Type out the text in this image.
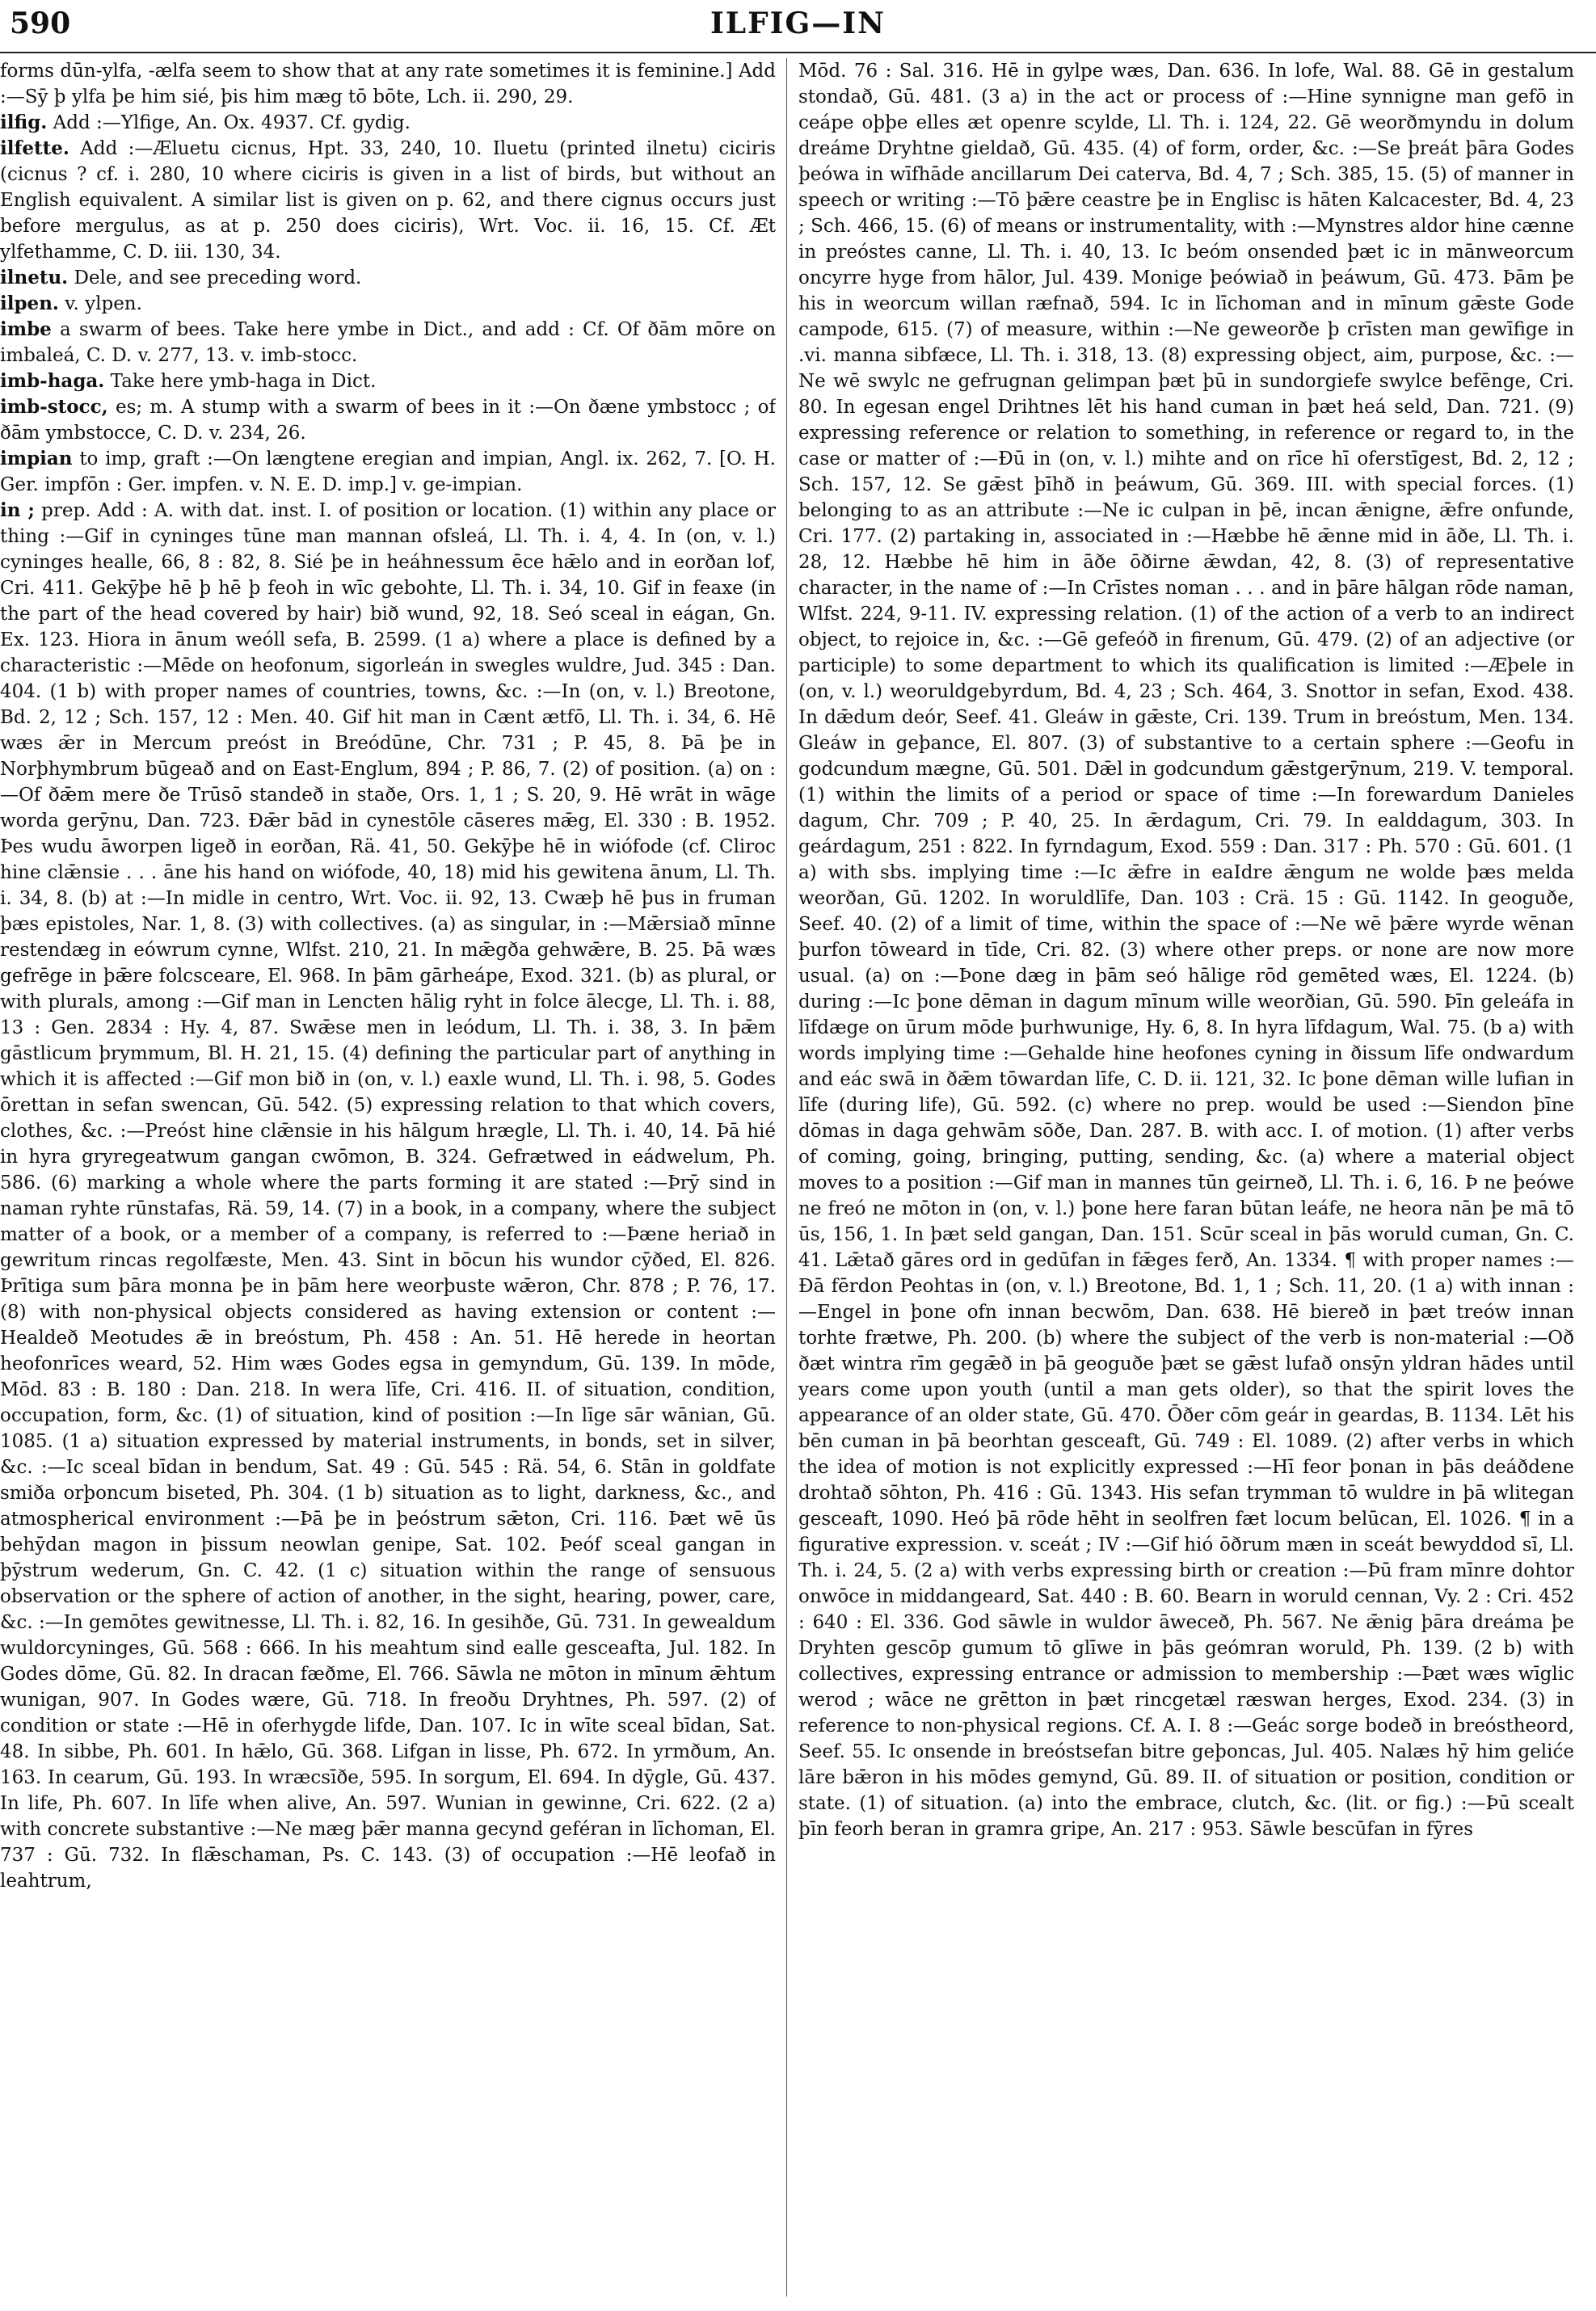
590	ILFIG—IN

forms dūn-ylfa, -ælfa seem to show that at any rate sometimes it is feminine.] Add :—Sȳ þ ylfa þe him sié, þis him mæg tō bōte, Lch. ii. 290, 29.

ilfig. Add :—Ylfige, An. Ox. 4937. Cf. gydig.

ilfette. Add :—Æluetu cicnus, Hpt. 33, 240, 10. Iluetu (printed ilnetu) ciciris (cicnus ? cf. i. 280, 10 where ciciris is given in a list of birds, but without an English equivalent. A similar list is given on p. 62, and there cignus occurs just before mergulus, as at p. 250 does ciciris), Wrt. Voc. ii. 16, 15. Cf. Æt ylfethamme, C. D. iii. 130, 34.

ilnetu. Dele, and see preceding word.

ilpen. v. ylpen.

imbe a swarm of bees. Take here ymbe in Dict., and add : Cf. Of ðām mōre on imbaleá, C. D. v. 277, 13. v. imb-stocc.

imb-haga. Take here ymb-haga in Dict.

imb-stocc, es; m. A stump with a swarm of bees in it :—On ðæne ymbstocc ; of ðām ymbstocce, C. D. v. 234, 26.

impian to imp, graft :—On længtene eregian and impian, Angl. ix. 262, 7. [O. H. Ger. impfōn : Ger. impfen. v. N. E. D. imp.] v. ge-impian.

in ; prep. Add : A. with dat. inst. I. of position or location. (1) within any place or thing :—Gif in cyninges tūne man mannan ofsleá, Ll. Th. i. 4, 4. In (on, v. l.) cyninges healle, 66, 8 : 82, 8. Sié þe in heáhnessum ēce hǣlo and in eorðan lof, Cri. 411. Gekȳþe hē þ hē þ feoh in wīc gebohte, Ll. Th. i. 34, 10. Gif in feaxe (in the part of the head covered by hair) bið wund, 92, 18. Seó sceal in eágan, Gn. Ex. 123. Hiora in ānum weóll sefa, B. 2599. (1 a) where a place is defined by a characteristic :—Mēde on heofonum, sigorleán in swegles wuldre, Jud. 345 : Dan. 404. (1 b) with proper names of countries, towns, &c. :—In (on, v. l.) Breotone, Bd. 2, 12 ; Sch. 157, 12 : Men. 40. Gif hit man in Cænt ætfō, Ll. Th. i. 34, 6. Hē wæs ǣr in Mercum preóst in Breódūne, Chr. 731 ; P. 45, 8. Þā þe in Norþhymbrum būgeað and on East-Englum, 894 ; P. 86, 7. (2) of position. (a) on :—Of ðǣm mere ðe Trūsō standeð in staðe, Ors. 1, 1 ; S. 20, 9. Hē wrāt in wāge worda gerȳnu, Dan. 723. Ðǣr bād in cynestōle cāseres mǣg, El. 330 : B. 1952. Þes wudu āworpen ligeð in eorðan, Rä. 41, 50. Gekȳþe hē in wiófode (cf. Cliroc hine clǣnsie . . . āne his hand on wiófode, 40, 18) mid his gewitena ānum, Ll. Th. i. 34, 8. (b) at :—In midle in centro, Wrt. Voc. ii. 92, 13. Cwæþ hē þus in fruman þæs epistoles, Nar. 1, 8. (3) with collectives. (a) as singular, in :—Mǣrsiað mīnne restendæg in eówrum cynne, Wlfst. 210, 21. In mǣgða gehwǣre, B. 25. Þā wæs gefrēge in þǣre folcsceare, El. 968. In þām gārheápe, Exod. 321. (b) as plural, or with plurals, among :—Gif man in Lencten hālig ryht in folce ālecge, Ll. Th. i. 88, 13 : Gen. 2834 : Hy. 4, 87. Swǣse men in leódum, Ll. Th. i. 38, 3. In þǣm gāstlicum þrymmum, Bl. H. 21, 15. (4) defining the particular part of anything in which it is affected :—Gif mon bið in (on, v. l.) eaxle wund, Ll. Th. i. 98, 5. Godes ōrettan in sefan swencan, Gū. 542. (5) expressing relation to that which covers, clothes, &c. :—Preóst hine clǣnsie in his hālgum hrægle, Ll. Th. i. 40, 14. Þā hié in hyra gryregeatwum gangan cwōmon, B. 324. Gefrætwed in eádwelum, Ph. 586. (6) marking a whole where the parts forming it are stated :—Þrȳ sind in naman ryhte rūnstafas, Rä. 59, 14. (7) in a book, in a company, where the subject matter of a book, or a member of a company, is referred to :—Þæne heriað in gewritum rincas regolfæste, Men. 43. Sint in bōcun his wundor cȳðed, El. 826. Þrītiga sum þāra monna þe in þām here weorþuste wǣron, Chr. 878 ; P. 76, 17. (8) with non-physical objects considered as having extension or content :—Healdeð Meotudes ǣ in breóstum, Ph. 458 : An. 51. Hē herede in heortan heofonrīces weard, 52. Him wæs Godes egsa in gemyndum, Gū. 139. In mōde, Mōd. 83 : B. 180 : Dan. 218. In wera līfe, Cri. 416. II. of situation, condition, occupation, form, &c. (1) of situation, kind of position :—In līge sār wānian, Gū. 1085. (1 a) situation expressed by material instruments, in bonds, set in silver, &c. :—Ic sceal bīdan in bendum, Sat. 49 : Gū. 545 : Rä. 54, 6. Stān in goldfate smiða orþoncum biseted, Ph. 304. (1 b) situation as to light, darkness, &c., and atmospherical environment :—Þā þe in þeóstrum sǣton, Cri. 116. Þæt wē ūs behȳdan magon in þissum neowlan genipe, Sat. 102. Þeóf sceal gangan in þȳstrum wederum, Gn. C. 42. (1 c) situation within the range of sensuous observation or the sphere of action of another, in the sight, hearing, power, care, &c. :—In gemōtes gewitnesse, Ll. Th. i. 82, 16. In gesihðe, Gū. 731. In gewealdum wuldorcyninges, Gū. 568 : 666. In his meahtum sind ealle gesceafta, Jul. 182. In Godes dōme, Gū. 82. In dracan fæðme, El. 766. Sāwla ne mōton in mīnum ǣhtum wunigan, 907. In Godes wære, Gū. 718. In freoðu Dryhtnes, Ph. 597. (2) of condition or state :—Hē in oferhygde lifde, Dan. 107. Ic in wīte sceal bīdan, Sat. 48. In sibbe, Ph. 601. In hǣlo, Gū. 368. Lifgan in lisse, Ph. 672. In yrmðum, An. 163. In cearum, Gū. 193. In wræcsīðe, 595. In sorgum, El. 694. In dȳgle, Gū. 437. In life, Ph. 607. In līfe when alive, An. 597. Wunian in gewinne, Cri. 622. (2 a) with concrete substantive :—Ne mæg þǣr manna gecynd geféran in līchoman, El. 737 : Gū. 732. In flǣschaman, Ps. C. 143. (3) of occupation :—Hē leofað in leahtrum,

Mōd. 76 : Sal. 316. Hē in gylpe wæs, Dan. 636. In lofe, Wal. 88. Gē in gestalum stondað, Gū. 481. (3 a) in the act or process of :—Hine synnigne man gefō in ceápe oþþe elles æt openre scylde, Ll. Th. i. 124, 22. Gē weorðmyndu in dolum dreáme Dryhtne gieldað, Gū. 435. (4) of form, order, &c. :—Se þreát þāra Godes þeówa in wīfhāde ancillarum Dei caterva, Bd. 4, 7 ; Sch. 385, 15. (5) of manner in speech or writing :—Tō þǣre ceastre þe in Englisc is hāten Kalcacester, Bd. 4, 23 ; Sch. 466, 15. (6) of means or instrumentality, with :—Mynstres aldor hine cænne in preóstes canne, Ll. Th. i. 40, 13. Ic beóm onsended þæt ic in mānweorcum oncyrre hyge from hālor, Jul. 439. Monige þeówiað in þeáwum, Gū. 473. Þām þe his in weorcum willan ræfnað, 594. Ic in līchoman and in mīnum gǣste Gode campode, 615. (7) of measure, within :—Ne geweorðe þ crīsten man gewīfige in .vi. manna sibfæce, Ll. Th. i. 318, 13. (8) expressing object, aim, purpose, &c. :—Ne wē swylc ne gefrugnan gelimpan þæt þū in sundorgiefe swylce befēnge, Cri. 80. In egesan engel Drihtnes lēt his hand cuman in þæt heá seld, Dan. 721. (9) expressing reference or relation to something, in reference or regard to, in the case or matter of :—Ðū in (on, v. l.) mihte and on rīce hī oferstīgest, Bd. 2, 12 ; Sch. 157, 12. Se gǣst þīhð in þeáwum, Gū. 369. III. with special forces. (1) belonging to as an attribute :—Ne ic culpan in þē, incan ǣnigne, ǣfre onfunde, Cri. 177. (2) partaking in, associated in :—Hæbbe hē ǣnne mid in āðe, Ll. Th. i. 28, 12. Hæbbe hē him in āðe ōðirne ǣwdan, 42, 8. (3) of representative character, in the name of :—In Crīstes noman . . . and in þāre hālgan rōde naman, Wlfst. 224, 9-11. IV. expressing relation. (1) of the action of a verb to an indirect object, to rejoice in, &c. :—Gē gefeóð in firenum, Gū. 479. (2) of an adjective (or participle) to some department to which its qualification is limited :—Æþele in (on, v. l.) weoruldgebyrdum, Bd. 4, 23 ; Sch. 464, 3. Snottor in sefan, Exod. 438. In dǣdum deór, Seef. 41. Gleáw in gǣste, Cri. 139. Trum in breóstum, Men. 134. Gleáw in geþance, El. 807. (3) of substantive to a certain sphere :—Geofu in godcundum mægne, Gū. 501. Dǣl in godcundum gǣstgerȳnum, 219. V. temporal. (1) within the limits of a period or space of time :—In forewardum Danieles dagum, Chr. 709 ; P. 40, 25. In ǣrdagum, Cri. 79. In ealddagum, 303. In geárdagum, 251 : 822. In fyrndagum, Exod. 559 : Dan. 317 : Ph. 570 : Gū. 601. (1 a) with sbs. implying time :—Ic ǣfre in eaIdre ǣngum ne wolde þæs melda weorðan, Gū. 1202. In woruldlīfe, Dan. 103 : Crä. 15 : Gū. 1142. In geoguðe, Seef. 40. (2) of a limit of time, within the space of :—Ne wē þǣre wyrde wēnan þurfon tōweard in tīde, Cri. 82. (3) where other preps. or none are now more usual. (a) on :—Þone dæg in þām seó hālige rōd gemēted wæs, El. 1224. (b) during :—Ic þone dēman in dagum mīnum wille weorðian, Gū. 590. Þīn geleáfa in līfdæge on ūrum mōde þurhwunige, Hy. 6, 8. In hyra līfdagum, Wal. 75. (b a) with words implying time :—Gehalde hine heofones cyning in ðissum līfe ondwardum and eác swā in ðǣm tōwardan līfe, C. D. ii. 121, 32. Ic þone dēman wille lufian in līfe (during life), Gū. 592. (c) where no prep. would be used :—Siendon þīne dōmas in daga gehwām sōðe, Dan. 287. B. with acc. I. of motion. (1) after verbs of coming, going, bringing, putting, sending, &c. (a) where a material object moves to a position :—Gif man in mannes tūn geirneð, Ll. Th. i. 6, 16. Þ ne þeówe ne freó ne mōton in (on, v. l.) þone here faran būtan leáfe, ne heora nān þe mā tō ūs, 156, 1. In þæt seld gangan, Dan. 151. Scūr sceal in þās woruld cuman, Gn. C. 41. Lǣtað gāres ord in gedūfan in fǣges ferð, An. 1334. ¶ with proper names :—Ðā fērdon Peohtas in (on, v. l.) Breotone, Bd. 1, 1 ; Sch. 11, 20. (1 a) with innan :—Engel in þone ofn innan becwōm, Dan. 638. Hē biereð in þæt treów innan torhte frætwe, Ph. 200. (b) where the subject of the verb is non-material :—Oð ðæt wintra rīm gegǣð in þā geoguðe þæt se gǣst lufað onsȳn yldran hādes until years come upon youth (until a man gets older), so that the spirit loves the appearance of an older state, Gū. 470. Ōðer cōm geár in geardas, B. 1134. Lēt his bēn cuman in þā beorhtan gesceaft, Gū. 749 : El. 1089. (2) after verbs in which the idea of motion is not explicitly expressed :—Hī feor þonan in þās deáðdene drohtað sōhton, Ph. 416 : Gū. 1343. His sefan trymman tō wuldre in þā wlitegan gesceaft, 1090. Heó þā rōde hēht in seolfren fæt locum belūcan, El. 1026. ¶ in a figurative expression. v. sceát ; IV :—Gif hió ōðrum mæn in sceát bewyddod sī, Ll. Th. i. 24, 5. (2 a) with verbs expressing birth or creation :—Þū fram mīnre dohtor onwōce in middangeard, Sat. 440 : B. 60. Bearn in woruld cennan, Vy. 2 : Cri. 452 : 640 : El. 336. God sāwle in wuldor āweceð, Ph. 567. Ne ǣnig þāra dreáma þe Dryhten gescōp gumum tō glīwe in þās geómran woruld, Ph. 139. (2 b) with collectives, expressing entrance or admission to membership :—Þæt wæs wīglic werod ; wāce ne grētton in þæt rincgetæl ræswan herges, Exod. 234. (3) in reference to non-physical regions. Cf. A. I. 8 :—Geác sorge bodeð in breóstheord, Seef. 55. Ic onsende in breóstsefan bitre geþoncas, Jul. 405. Nalæs hȳ him geliće lāre bǣron in his mōdes gemynd, Gū. 89. II. of situation or position, condition or state. (1) of situation. (a) into the embrace, clutch, &c. (lit. or fig.) :—Þū scealt þīn feorh beran in gramra gripe, An. 217 : 953. Sāwle bescūfan in fȳres
